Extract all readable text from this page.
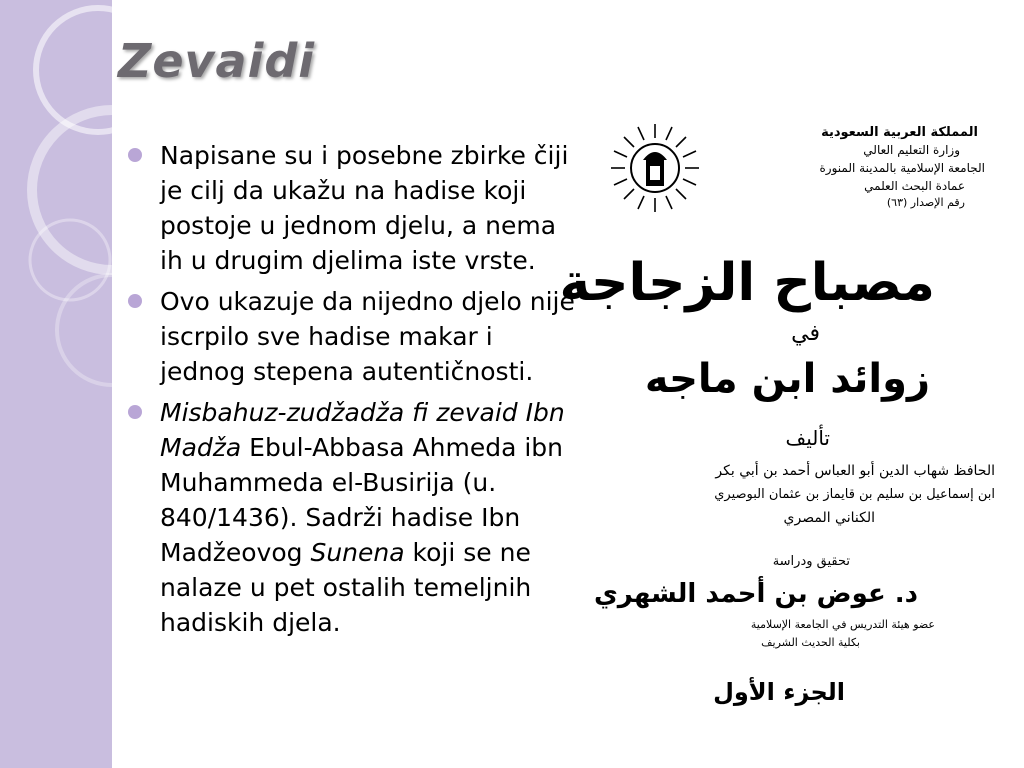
Zevaidi
Napisane su i posebne zbirke čiji je cilj da ukažu na hadise koji postoje u jednom djelu, a nema ih u drugim djelima iste vrste.
Ovo ukazuje da nijedno djelo nije iscrpilo sve hadise makar i jednog stepena autentičnosti.
Misbahuz-zudžadža fi zevaid Ibn Madža Ebul-Abbasa Ahmeda ibn Muhammeda el-Busirija (u. 840/1436). Sadrži hadise Ibn Madžeovog Sunena koji se ne nalaze u pet ostalih temeljnih hadiskih djela.
المملكة العربية السعودية
وزارة التعليم العالي
الجامعة الإسلامية بالمدينة المنورة
عمادة البحث العلمي
رقم الإصدار (٦٣)
مصباح الزجاجة
في
زوائد ابن ماجه
تأليف
الحافظ شهاب الدين أبو العباس أحمد بن أبي بكر
ابن إسماعيل بن سليم بن قايماز بن عثمان البوصيري
الكناني المصري
تحقيق ودراسة
د. عوض بن أحمد الشهري
عضو هيئة التدريس في الجامعة الإسلامية
بكلية الحديث الشريف
الجزء الأول
